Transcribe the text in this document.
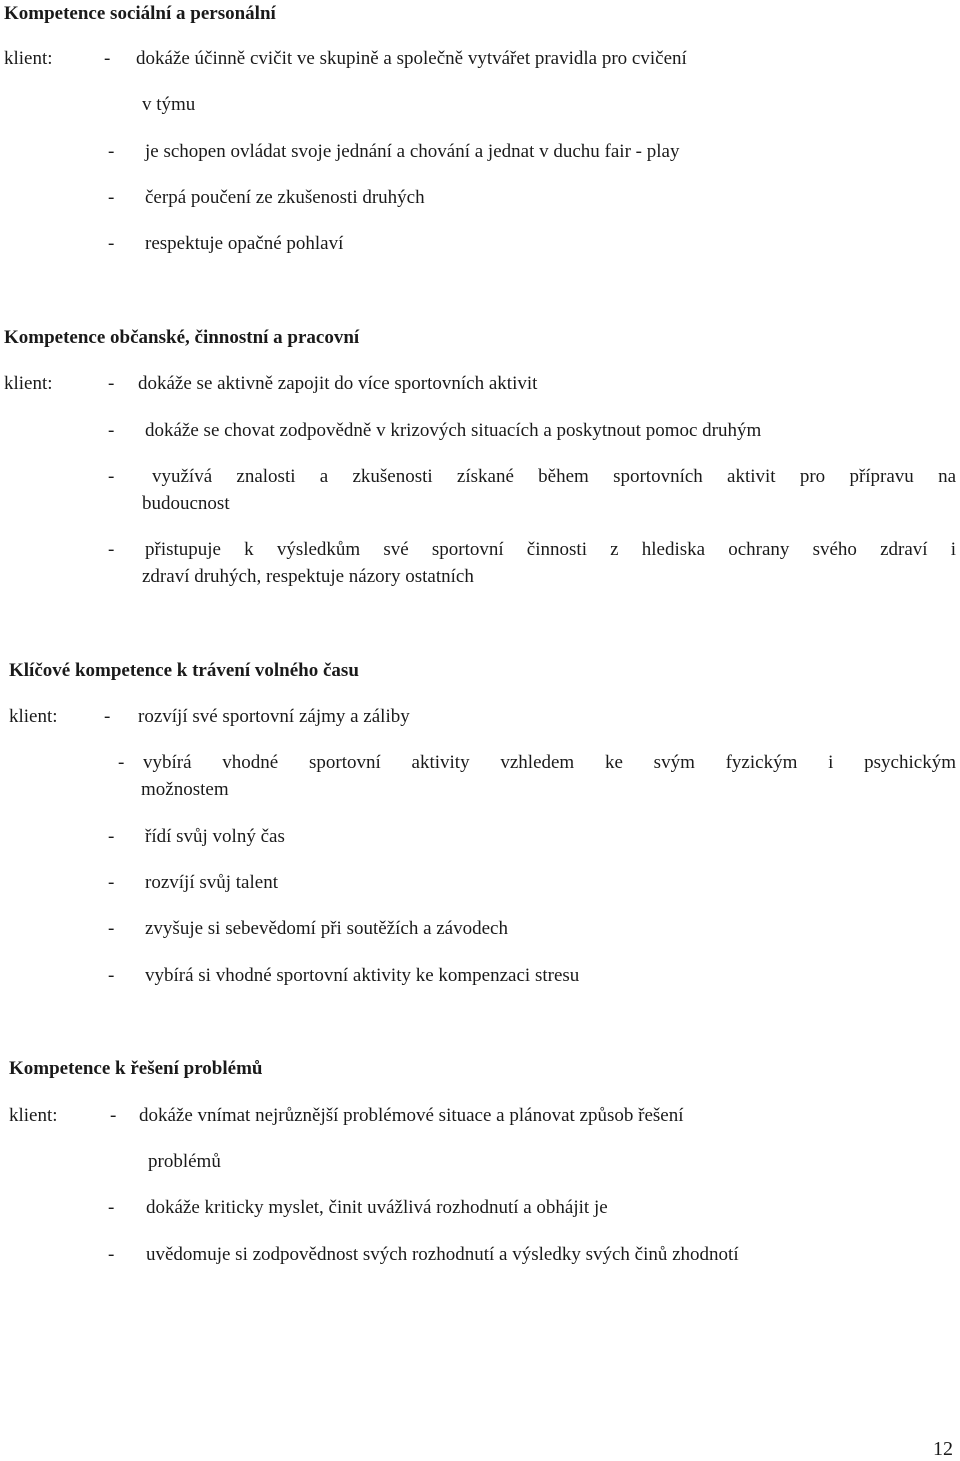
Kompetence sociální a personální
klient:	- dokáže účinně cvičit ve skupině a společně vytvářet pravidla pro cvičení
v týmu
- je schopen ovládat svoje jednání a chování a jednat v duchu fair - play
- čerpá poučení ze zkušenosti druhých
- respektuje opačné pohlaví
Kompetence občanské, činnostní a pracovní
klient:	- dokáže se aktivně zapojit do více sportovních aktivit
- dokáže se chovat zodpovědně v krizových situacích a poskytnout pomoc druhým
- využívá znalosti a zkušenosti získané během sportovních aktivit pro přípravu na
budoucnost
- přistupuje k výsledkům své sportovní činnosti z hlediska ochrany svého zdraví i
zdraví druhých, respektuje názory ostatních
Klíčové kompetence k trávení volného času
klient: - rozvíjí své sportovní zájmy a záliby
- vybírá vhodné sportovní aktivity vzhledem ke svým fyzickým i psychickým
možnostem
- řídí svůj volný čas
- rozvíjí svůj talent
- zvyšuje si sebevědomí při soutěžích a závodech
- vybírá si vhodné sportovní aktivity ke kompenzaci stresu
Kompetence k řešení problémů
klient:	- dokáže vnímat nejrůznější problémové situace a plánovat způsob řešení
problémů
- dokáže kriticky myslet, činit uvážlivá rozhodnutí a obhájit je
- uvědomuje si zodpovědnost svých rozhodnutí a výsledky svých činů zhodnotí
12
